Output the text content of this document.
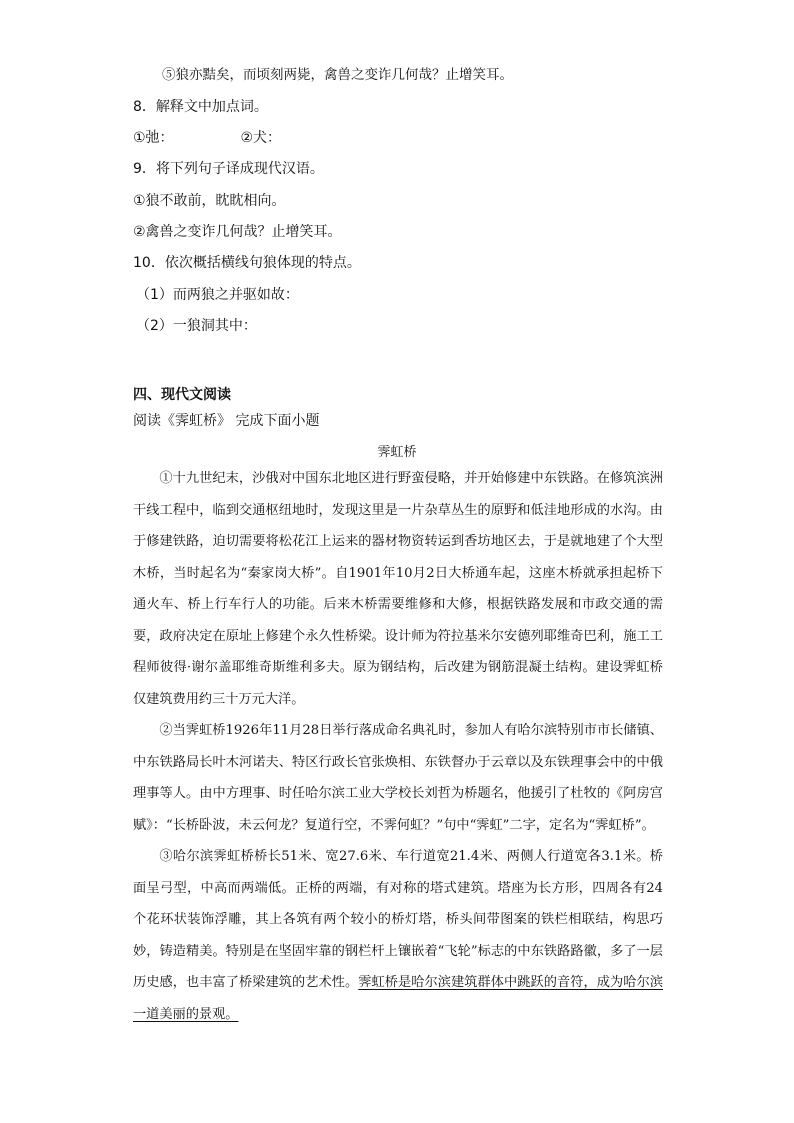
⑤狼亦黠矣，而顷刻两毙，禽兽之变诈几何哉？止增笑耳。
8．解释文中加点词。
①弛：	②犬：
9．将下列句子译成现代汉语。
①狼不敢前，眈眈相向。
②禽兽之变诈几何哉？止增笑耳。
10．依次概括横线句狼体现的特点。
（1）而两狼之并驱如故：
（2）一狼洞其中：
四、现代文阅读
阅读《霁虹桥》 完成下面小题
霁虹桥

①十九世纪末，沙俄对中国东北地区进行野蛮侵略，并开始修建中东铁路。在修筑滨洲干线工程中，临到交通枢纽地时，发现这里是一片杂草丛生的原野和低洼地形成的水沟。由于修建铁路，迫切需要将松花江上运来的器材物资转运到香坊地区去，于是就地建了个大型木桥，当时起名为“秦家岗大桥”。自1901年10月2日大桥通车起，这座木桥就承担起桥下通火车、桥上行车行人的功能。后来木桥需要维修和大修，根据铁路发展和市政交通的需要，政府决定在原址上修建个永久性桥梁。设计师为符拉基米尔安德列耶维奇巴利，施工工程师彼得·谢尔盖耶维奇斯维利多夫。原为钢结构，后改建为钢筋混凝土结构。建设霁虹桥仅建筑费用约三十万元大洋。

②当霁虹桥1926年11月28日举行落成命名典礼时，参加人有哈尔滨特别市市长储镇、中东铁路局长叶木河诺夫、特区行政长官张焕相、东铁督办于云章以及东铁理事会中的中俄理事等人。由中方理事、时任哈尔滨工业大学校长刘哲为桥题名，他援引了杜牧的《阿房宫赋》：“长桥卧波，未云何龙？复道行空，不霁何虹？”句中“霁虹”二字，定名为“霁虹桥”。

③哈尔滨霁虹桥桥长51米、宽27.6米、车行道宽21.4米、两侧人行道宽各3.1米。桥面呈弓型，中高而两端低。正桥的两端，有对称的塔式建筑。塔座为长方形，四周各有24个花环状装饰浮雕，其上各筑有两个较小的桥灯塔，桥头间带图案的铁栏相联结，构思巧妙，铸造精美。特别是在坚固牢靠的钢栏杆上镶嵌着“飞轮”标志的中东铁路路徽，多了一层历史感，也丰富了桥梁建筑的艺术性。霁虹桥是哈尔滨建筑群体中跳跃的音符，成为哈尔滨一道美丽的景观。
